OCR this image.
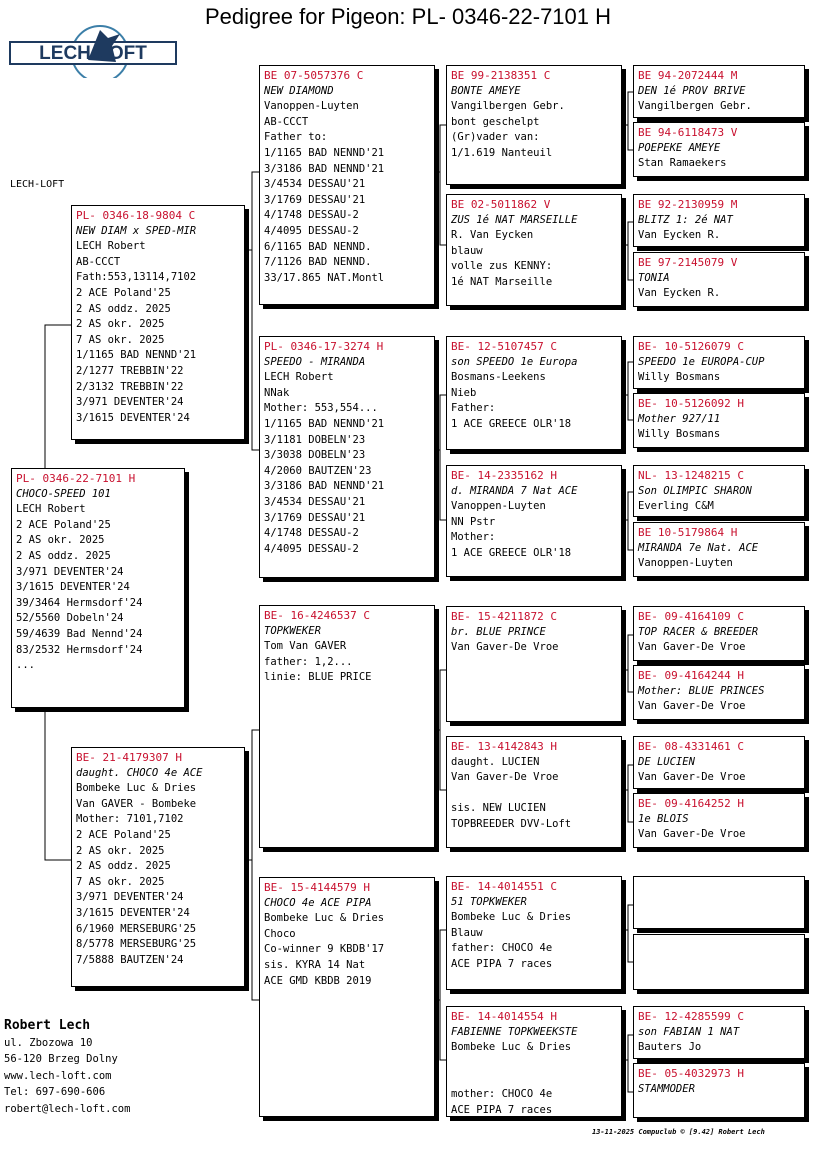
Pedigree for Pigeon: PL- 0346-22-7101 H
LECH-LOFT
LECH-LOFT
PL- 0346-22-7101 H
CHOCO-SPEED 101
LECH Robert
2 ACE Poland'25
2 AS okr. 2025
2 AS oddz. 2025
3/971 DEVENTER'24
3/1615 DEVENTER'24
39/3464 Hermsdorf'24
52/5560 Dobeln'24
59/4639 Bad Nennd'24
83/2532 Hermsdorf'24
...
PL- 0346-18-9804 C
NEW DIAM x SPED-MIR
LECH Robert
AB-CCCT
Fath:553,13114,7102
2 ACE Poland'25
2 AS oddz. 2025
2 AS okr. 2025
7 AS okr. 2025
1/1165 BAD NENND'21
2/1277 TREBBIN'22
2/3132 TREBBIN'22
3/971 DEVENTER'24
3/1615 DEVENTER'24
BE- 21-4179307 H
daught. CHOCO 4e ACE
Bombeke Luc & Dries
Van GAVER - Bombeke
Mother: 7101,7102
2 ACE Poland'25
2 AS okr. 2025
2 AS oddz. 2025
7 AS okr. 2025
3/971 DEVENTER'24
3/1615 DEVENTER'24
6/1960 MERSEBURG'25
8/5778 MERSEBURG'25
7/5888 BAUTZEN'24
BE 07-5057376 C
NEW DIAMOND
Vanoppen-Luyten
AB-CCCT
Father to:
1/1165 BAD NENND'21
3/3186 BAD NENND'21
3/4534 DESSAU'21
3/1769 DESSAU'21
4/1748 DESSAU-2
4/4095 DESSAU-2
6/1165 BAD NENND.
7/1126 BAD NENND.
33/17.865 NAT.Montl
PL- 0346-17-3274 H
SPEEDO - MIRANDA
LECH Robert
NNak
Mother: 553,554...
1/1165 BAD NENND'21
3/1181 DOBELN'23
3/3038 DOBELN'23
4/2060 BAUTZEN'23
3/3186 BAD NENND'21
3/4534 DESSAU'21
3/1769 DESSAU'21
4/1748 DESSAU-2
4/4095 DESSAU-2
BE- 16-4246537 C
TOPKWEKER
Tom Van GAVER
father: 1,2...
linie: BLUE PRICE
BE- 15-4144579 H
CHOCO 4e ACE PIPA
Bombeke Luc & Dries
Choco
Co-winner 9 KBDB'17
sis. KYRA 14 Nat
ACE GMD KBDB 2019
BE 99-2138351 C
BONTE AMEYE
Vangilbergen Gebr.
bont geschelpt
(Gr)vader van:
1/1.619 Nanteuil
BE 02-5011862 V
ZUS 1é NAT MARSEILLE
R. Van Eycken
blauw
volle zus KENNY:
1é NAT Marseille
BE- 12-5107457 C
son SPEEDO 1e Europa
Bosmans-Leekens
Nieb
Father:
1 ACE GREECE OLR'18
BE- 14-2335162 H
d. MIRANDA 7 Nat ACE
Vanoppen-Luyten
NN Pstr
Mother:
1 ACE GREECE OLR'18
BE- 15-4211872 C
br. BLUE PRINCE
Van Gaver-De Vroe
BE- 13-4142843 H
daught. LUCIEN
Van Gaver-De Vroe
sis. NEW LUCIEN
TOPBREEDER DVV-Loft
BE- 14-4014551 C
51 TOPKWEKER
Bombeke Luc & Dries
Blauw
father: CHOCO 4e
ACE PIPA 7 races
BE- 14-4014554 H
FABIENNE TOPKWEEKSTE
Bombeke Luc & Dries
mother: CHOCO 4e
ACE PIPA 7 races
BE 94-2072444 M
DEN 1é PROV BRIVE
Vangilbergen Gebr.
BE 94-6118473 V
POEPEKE AMEYE
Stan Ramaekers
BE 92-2130959 M
BLITZ 1: 2é NAT
Van Eycken R.
BE 97-2145079 V
TONIA
Van Eycken R.
BE- 10-5126079 C
SPEEDO 1e EUROPA-CUP
Willy Bosmans
BE- 10-5126092 H
Mother 927/11
Willy Bosmans
NL- 13-1248215 C
Son OLIMPIC SHARON
Everling C&M
BE 10-5179864 H
MIRANDA 7e Nat. ACE
Vanoppen-Luyten
BE- 09-4164109 C
TOP RACER & BREEDER
Van Gaver-De Vroe
BE- 09-4164244 H
Mother: BLUE PRINCES
Van Gaver-De Vroe
BE- 08-4331461 C
DE LUCIEN
Van Gaver-De Vroe
BE- 09-4164252 H
1e BLOIS
Van Gaver-De Vroe
BE- 12-4285599 C
son FABIAN 1 NAT
Bauters Jo
BE- 05-4032973 H
STAMMODER
Robert Lech
ul. Zbozowa 10
56-120 Brzeg Dolny
www.lech-loft.com
Tel: 697-690-606
robert@lech-loft.com
13-11-2025 Compuclub © [9.42] Robert Lech
